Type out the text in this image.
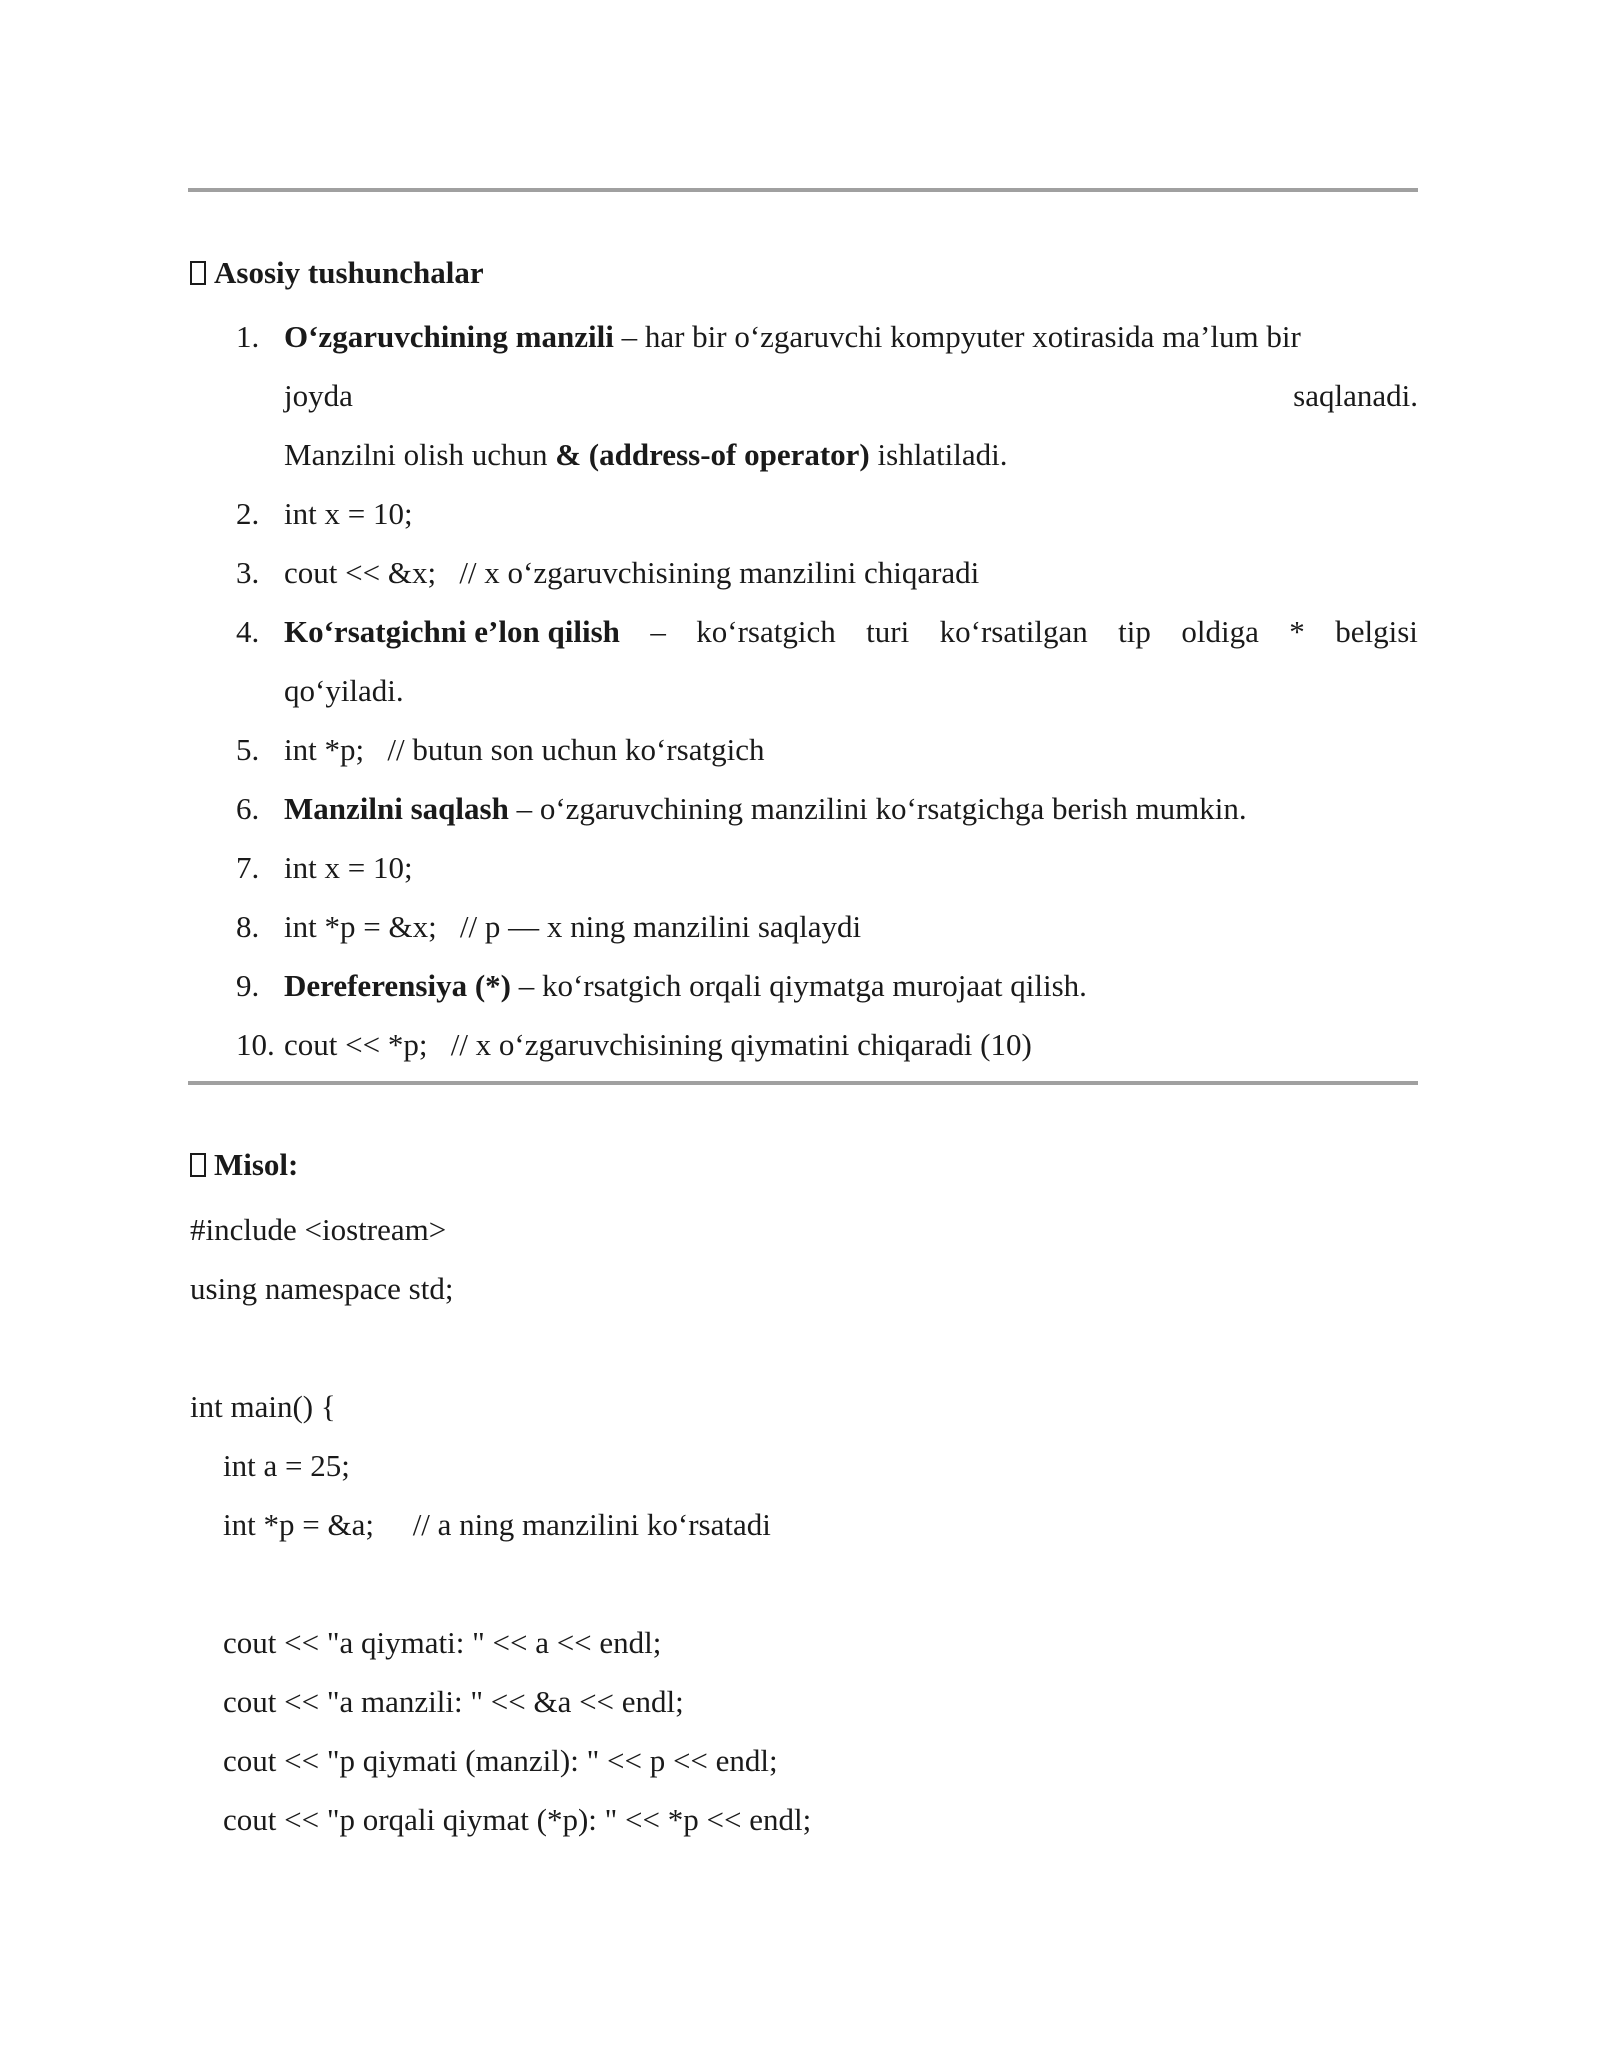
Asosiy tushunchalar
1. O‘zgaruvchining manzili – har bir o‘zgaruvchi kompyuter xotirasida ma’lum bir
joyda	saqlanadi.
Manzilni olish uchun & (address-of operator) ishlatiladi.
2. int x = 10;
3. cout << &x;   // x o‘zgaruvchisining manzilini chiqaradi
4. Ko‘rsatgichni e’lon qilish – ko‘rsatgich turi ko‘rsatilgan tip oldiga * belgisi
qo‘yiladi.
5. int *p;   // butun son uchun ko‘rsatgich
6. Manzilni saqlash – o‘zgaruvchining manzilini ko‘rsatgichga berish mumkin.
7. int x = 10;
8. int *p = &x;   // p — x ning manzilini saqlaydi
9. Dereferensiya (*) – ko‘rsatgich orqali qiymatga murojaat qilish.
10. cout << *p;   // x o‘zgaruvchisining qiymatini chiqaradi (10)
Misol:
#include <iostream>
using namespace std;
int main() {
int a = 25;
int *p = &a;     // a ning manzilini ko‘rsatadi
cout << "a qiymati: " << a << endl;
cout << "a manzili: " << &a << endl;
cout << "p qiymati (manzil): " << p << endl;
cout << "p orqali qiymat (*p): " << *p << endl;
